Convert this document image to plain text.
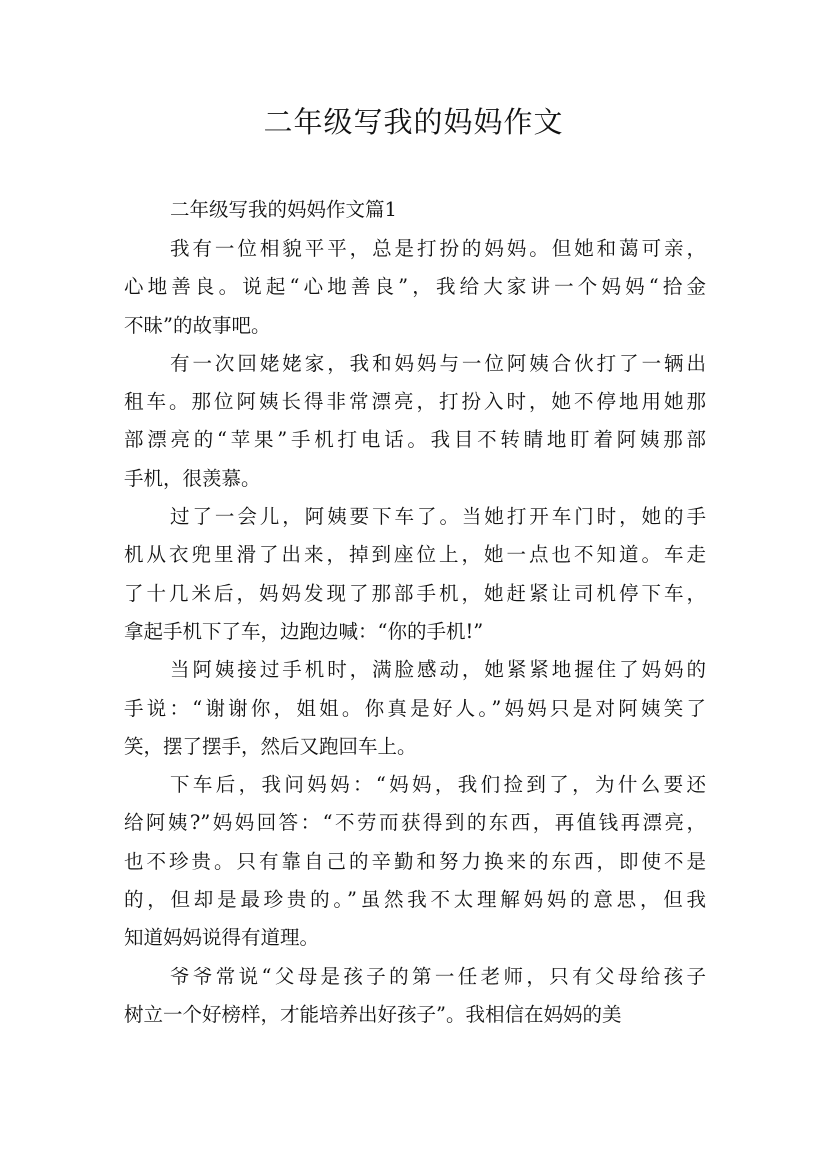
二年级写我的妈妈作文
二年级写我的妈妈作文篇1

我有一位相貌平平，总是打扮的妈妈。但她和蔼可亲，
心地善良。说起“心地善良”，我给大家讲一个妈妈“拾金
不昧”的故事吧。

有一次回姥姥家，我和妈妈与一位阿姨合伙打了一辆出
租车。那位阿姨长得非常漂亮，打扮入时，她不停地用她那
部漂亮的“苹果”手机打电话。我目不转睛地盯着阿姨那部
手机，很羡慕。

过了一会儿，阿姨要下车了。当她打开车门时，她的手
机从衣兜里滑了出来，掉到座位上，她一点也不知道。车走
了十几米后，妈妈发现了那部手机，她赶紧让司机停下车，
拿起手机下了车，边跑边喊：“你的手机!”

当阿姨接过手机时，满脸感动，她紧紧地握住了妈妈的
手说：“谢谢你，姐姐。你真是好人。”妈妈只是对阿姨笑了
笑，摆了摆手，然后又跑回车上。

下车后，我问妈妈：“妈妈，我们捡到了，为什么要还
给阿姨?”妈妈回答：“不劳而获得到的东西，再值钱再漂亮，
也不珍贵。只有靠自己的辛勤和努力换来的东西，即使不是
的，但却是最珍贵的。”虽然我不太理解妈妈的意思，但我
知道妈妈说得有道理。

爷爷常说“父母是孩子的第一任老师，只有父母给孩子
树立一个好榜样，才能培养出好孩子”。我相信在妈妈的美
